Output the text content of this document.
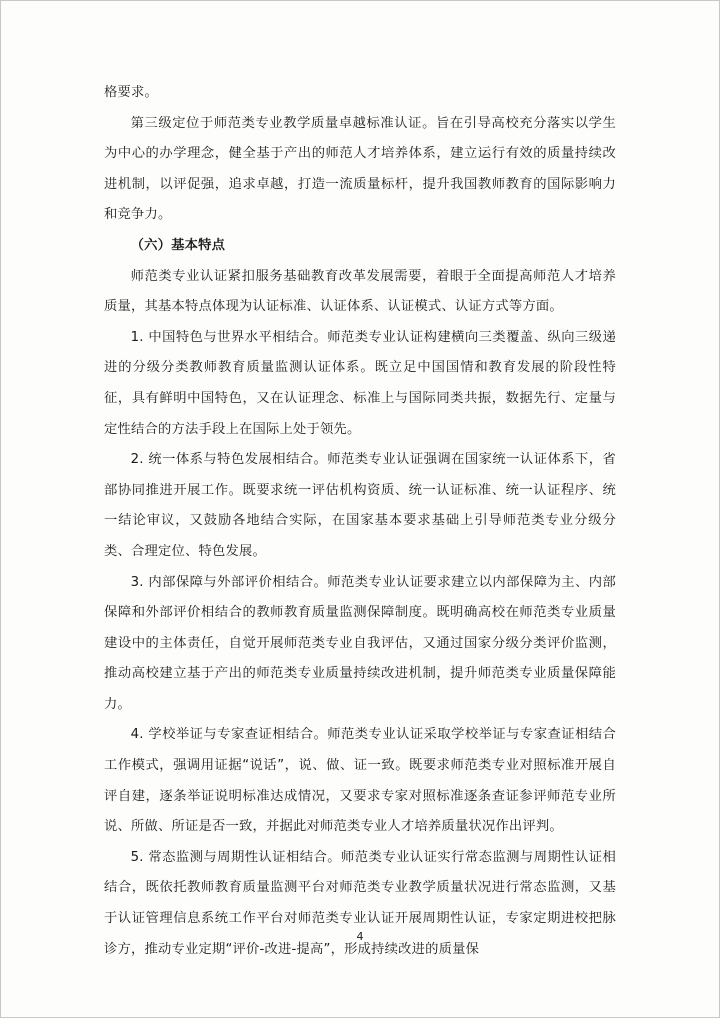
格要求。

第三级定位于师范类专业教学质量卓越标准认证。旨在引导高校充分落实以学生为中心的办学理念，健全基于产出的师范人才培养体系，建立运行有效的质量持续改进机制，以评促强，追求卓越，打造一流质量标杆，提升我国教师教育的国际影响力和竞争力。

（六）基本特点

师范类专业认证紧扣服务基础教育改革发展需要，着眼于全面提高师范人才培养质量，其基本特点体现为认证标准、认证体系、认证模式、认证方式等方面。

1. 中国特色与世界水平相结合。师范类专业认证构建横向三类覆盖、纵向三级递进的分级分类教师教育质量监测认证体系。既立足中国国情和教育发展的阶段性特征，具有鲜明中国特色，又在认证理念、标准上与国际同类共振，数据先行、定量与定性结合的方法手段上在国际上处于领先。

2. 统一体系与特色发展相结合。师范类专业认证强调在国家统一认证体系下，省部协同推进开展工作。既要求统一评估机构资质、统一认证标准、统一认证程序、统一结论审议，又鼓励各地结合实际，在国家基本要求基础上引导师范类专业分级分类、合理定位、特色发展。

3. 内部保障与外部评价相结合。师范类专业认证要求建立以内部保障为主、内部保障和外部评价相结合的教师教育质量监测保障制度。既明确高校在师范类专业质量建设中的主体责任，自觉开展师范类专业自我评估，又通过国家分级分类评价监测，推动高校建立基于产出的师范类专业质量持续改进机制，提升师范类专业质量保障能力。

4. 学校举证与专家查证相结合。师范类专业认证采取学校举证与专家查证相结合工作模式，强调用证据“说话”，说、做、证一致。既要求师范类专业对照标准开展自评自建，逐条举证说明标准达成情况，又要求专家对照标准逐条查证参评师范专业所说、所做、所证是否一致，并据此对师范类专业人才培养质量状况作出评判。

5. 常态监测与周期性认证相结合。师范类专业认证实行常态监测与周期性认证相结合，既依托教师教育质量监测平台对师范类专业教学质量状况进行常态监测，又基于认证管理信息系统工作平台对师范类专业认证开展周期性认证，专家定期进校把脉诊方，推动专业定期“评价-改进-提高”，形成持续改进的质量保

4
